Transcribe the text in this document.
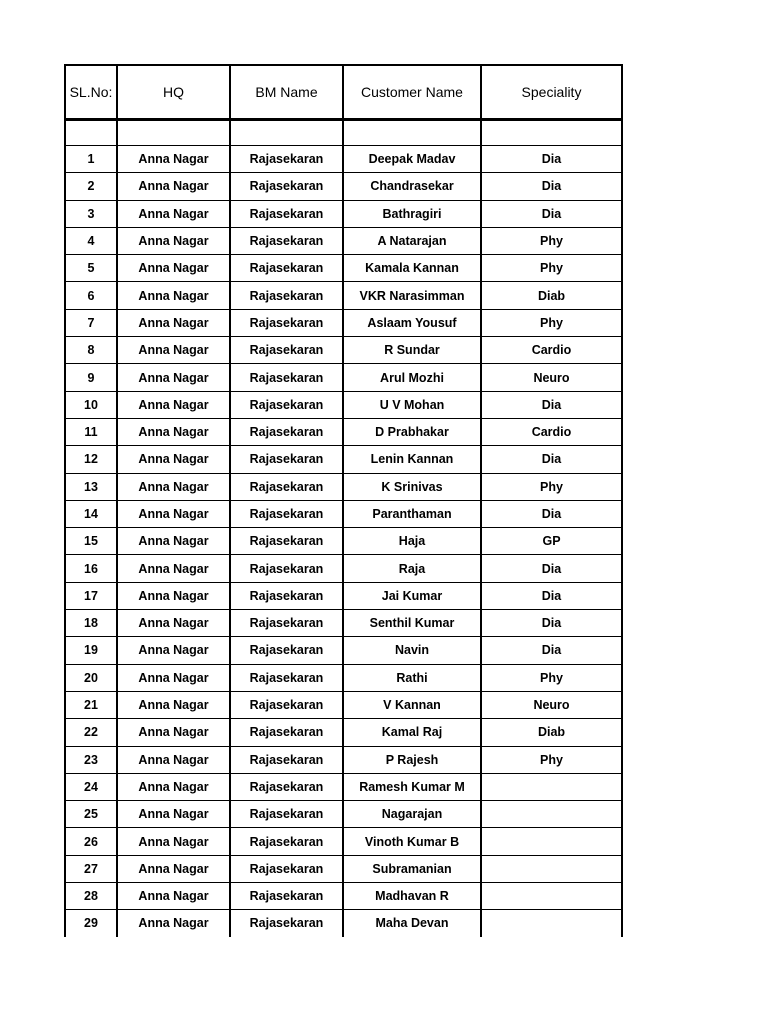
SL.No:	HQ	BM Name	Customer Name	Speciality

1	Anna Nagar	Rajasekaran	Deepak Madav	Dia
2	Anna Nagar	Rajasekaran	Chandrasekar	Dia
3	Anna Nagar	Rajasekaran	Bathragiri	Dia
4	Anna Nagar	Rajasekaran	A Natarajan	Phy
5	Anna Nagar	Rajasekaran	Kamala Kannan	Phy
6	Anna Nagar	Rajasekaran	VKR Narasimman	Diab
7	Anna Nagar	Rajasekaran	Aslaam Yousuf	Phy
8	Anna Nagar	Rajasekaran	R Sundar	Cardio
9	Anna Nagar	Rajasekaran	Arul Mozhi	Neuro
10	Anna Nagar	Rajasekaran	U V Mohan	Dia
11	Anna Nagar	Rajasekaran	D Prabhakar	Cardio
12	Anna Nagar	Rajasekaran	Lenin Kannan	Dia
13	Anna Nagar	Rajasekaran	K Srinivas	Phy
14	Anna Nagar	Rajasekaran	Paranthaman	Dia
15	Anna Nagar	Rajasekaran	Haja	GP
16	Anna Nagar	Rajasekaran	Raja	Dia
17	Anna Nagar	Rajasekaran	Jai Kumar	Dia
18	Anna Nagar	Rajasekaran	Senthil Kumar	Dia
19	Anna Nagar	Rajasekaran	Navin	Dia
20	Anna Nagar	Rajasekaran	Rathi	Phy
21	Anna Nagar	Rajasekaran	V Kannan	Neuro
22	Anna Nagar	Rajasekaran	Kamal Raj	Diab
23	Anna Nagar	Rajasekaran	P Rajesh	Phy
24	Anna Nagar	Rajasekaran	Ramesh Kumar M	
25	Anna Nagar	Rajasekaran	Nagarajan	
26	Anna Nagar	Rajasekaran	Vinoth Kumar B	
27	Anna Nagar	Rajasekaran	Subramanian	
28	Anna Nagar	Rajasekaran	Madhavan R	
29	Anna Nagar	Rajasekaran	Maha Devan	
